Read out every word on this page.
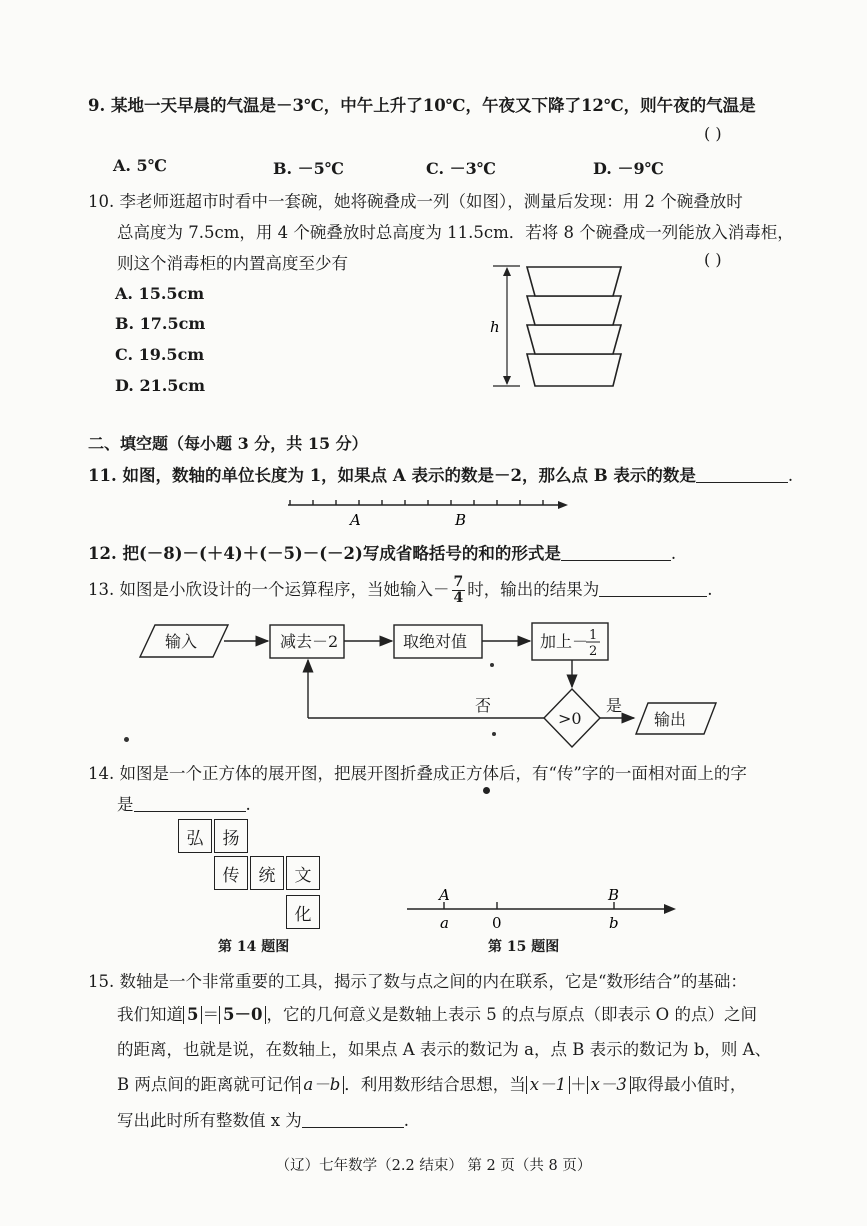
9. 某地一天早晨的气温是－3℃，中午上升了10℃，午夜又下降了12℃，则午夜的气温是
( )
A. 5℃	B. －5℃	C. －3℃	D. －9℃
10. 李老师逛超市时看中一套碗，她将碗叠成一列（如图），测量后发现：用 2 个碗叠放时
总高度为 7.5cm，用 4 个碗叠放时总高度为 11.5cm．若将 8 个碗叠成一列能放入消毒柜，
则这个消毒柜的内置高度至少有	( )
A. 15.5cm
B. 17.5cm
C. 19.5cm
D. 21.5cm
h
二、填空题（每小题 3 分，共 15 分）
11. 如图，数轴的单位长度为 1，如果点 A 表示的数是－2，那么点 B 表示的数是	.
A	B
12. 把(－8)－(＋4)＋(－5)－(－2)写成省略括号的和的形式是	.
13. 如图是小欣设计的一个运算程序，当她输入－ $\frac{7}{4}$ 时，输出的结果为	.
输入	减去－2	取绝对值	加上－ 1
2
>0
是
否
输出
14. 如图是一个正方体的展开图，把展开图折叠成正方体后，有“传”字的一面相对面上的字
是	.
弘	扬
传	统	文
化
第 14 题图
A	B
a	0	b
第 15 题图
15. 数轴是一个非常重要的工具，揭示了数与点之间的内在联系，它是“数形结合”的基础：
我们知道 5 ＝ 5－0 ，它的几何意义是数轴上表示 5 的点与原点（即表示 O 的点）之间
的距离，也就是说，在数轴上，如果点 A 表示的数记为 a，点 B 表示的数记为 b，则 A、
B 两点间的距离就可记作 a－b ．利用数形结合思想，当 x－1 ＋ x－3 取得最小值时，
写出此时所有整数值 x 为	.
（辽）七年数学（2.2 结束） 第 2 页（共 8 页）
